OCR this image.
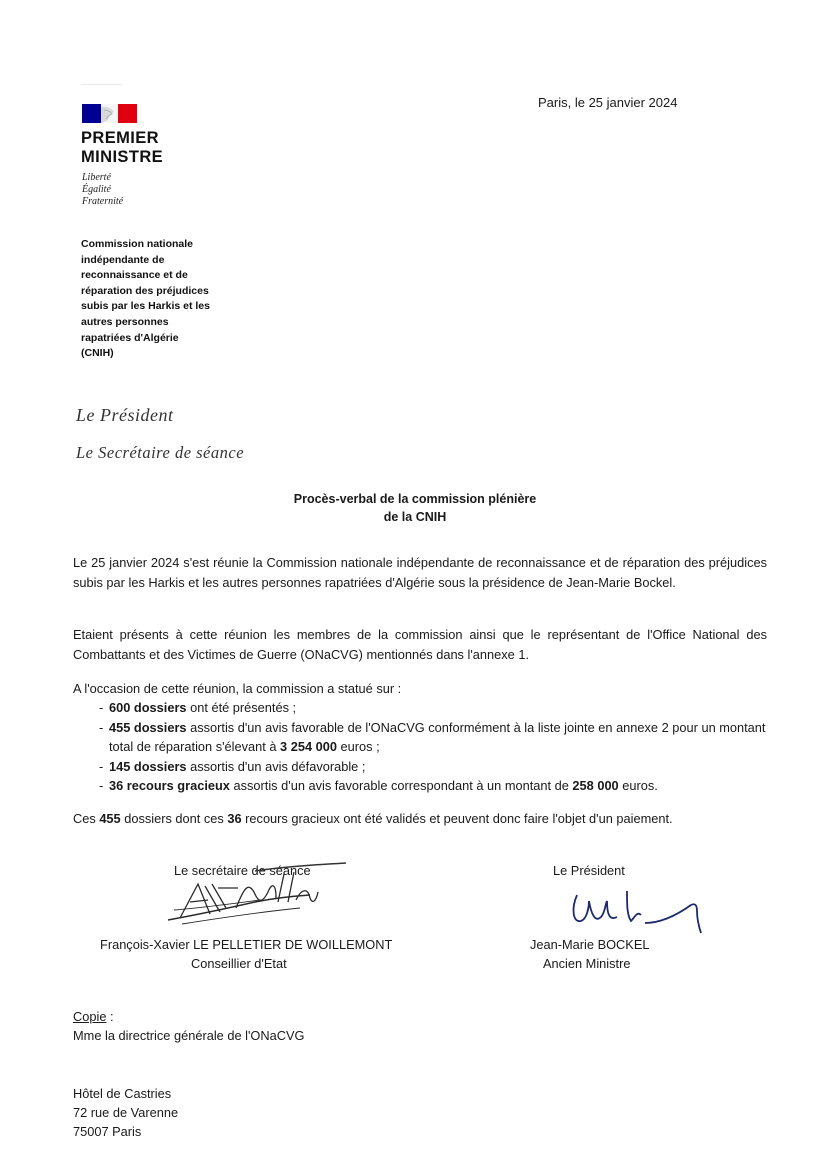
PREMIER
MINISTRE
Liberté
Égalité
Fraternité
Paris, le 25 janvier 2024
Commission nationale
indépendante de
reconnaissance et de
réparation des préjudices
subis par les Harkis et les
autres personnes
rapatriées d'Algérie
(CNIH)
Le Président
Le Secrétaire de séance
Procès-verbal de la commission plénière
de la CNIH
Le 25 janvier 2024 s'est réunie la Commission nationale indépendante de reconnaissance et de réparation des préjudices subis par les Harkis et les autres personnes rapatriées d'Algérie sous la présidence de Jean-Marie Bockel.
Etaient présents à cette réunion les membres de la commission ainsi que le représentant de l'Office National des Combattants et des Victimes de Guerre (ONaCVG) mentionnés dans l'annexe 1.
A l'occasion de cette réunion, la commission a statué sur :
- 600 dossiers ont été présentés ;
- 455 dossiers assortis d'un avis favorable de l'ONaCVG conformément à la liste jointe en annexe 2 pour un montant total de réparation s'élevant à 3 254 000 euros ;
- 145 dossiers assortis d'un avis défavorable ;
- 36 recours gracieux assortis d'un avis favorable correspondant à un montant de 258 000 euros.
Ces 455 dossiers dont ces 36 recours gracieux ont été validés et peuvent donc faire l'objet d'un paiement.
Le secrétaire de séance
François-Xavier LE PELLETIER DE WOILLEMONT
Conseillier d'Etat
Le Président
Jean-Marie BOCKEL
Ancien Ministre
Copie :
Mme la directrice générale de l'ONaCVG
Hôtel de Castries
72 rue de Varenne
75007 Paris
